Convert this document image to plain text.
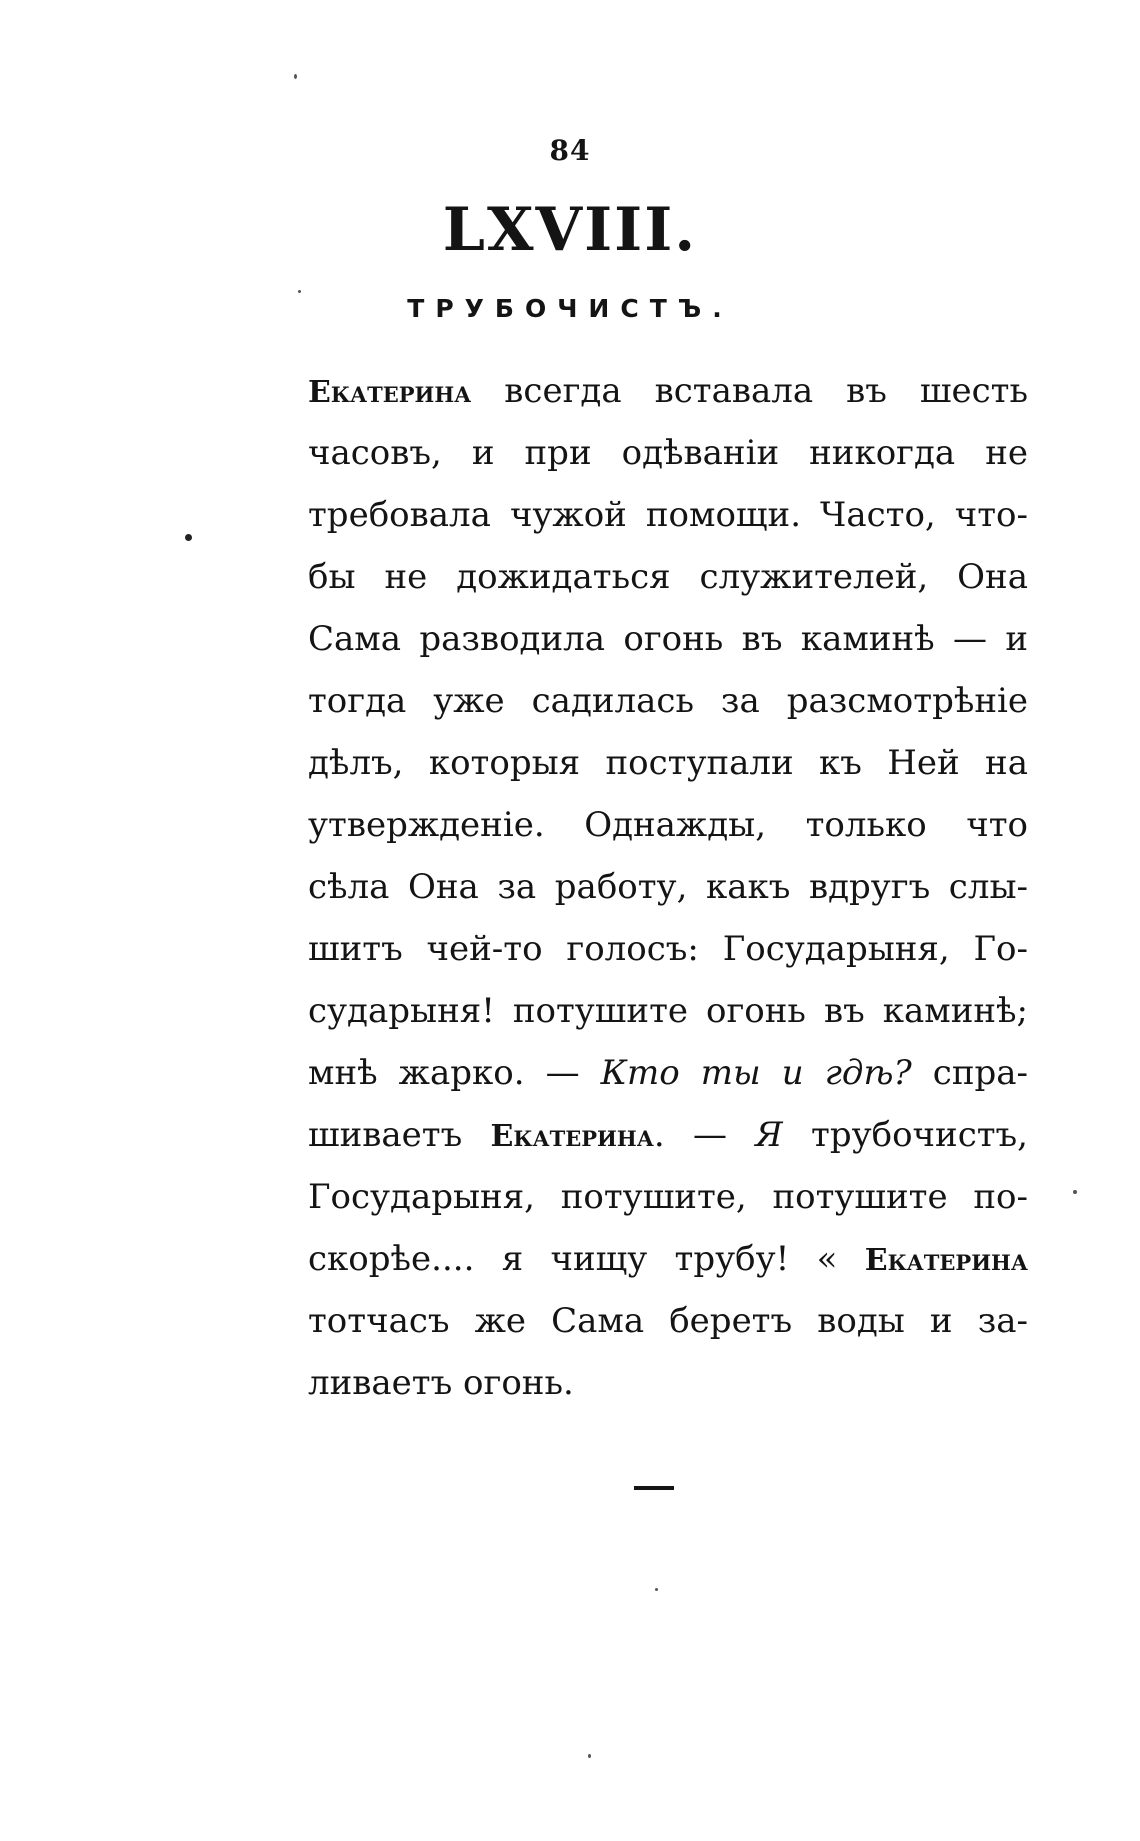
84
LXVIII.
ТРУБОЧИСТЪ.
Екатерина всегда вставала въ шесть
часовъ, и при одѣваніи никогда не
требовала чужой помощи. Часто, что-
бы не дожидаться служителей, Она
Сама разводила огонь въ каминѣ — и
тогда уже садилась за разсмотрѣніе
дѣлъ, которыя поступали къ Ней на
утвержденіе. Однажды, только что
сѣла Она за работу, какъ вдругъ слы-
шитъ чей-то голосъ: Государыня, Го-
сударыня! потушите огонь въ каминѣ;
мнѣ жарко. — Кто ты и гдѣ? спра-
шиваетъ Екатерина. — Я трубочистъ,
Государыня, потушите, потушите по-
скорѣе.... я чищу трубу! « Екатерина
тотчасъ же Сама беретъ воды и за-
ливаетъ огонь.
